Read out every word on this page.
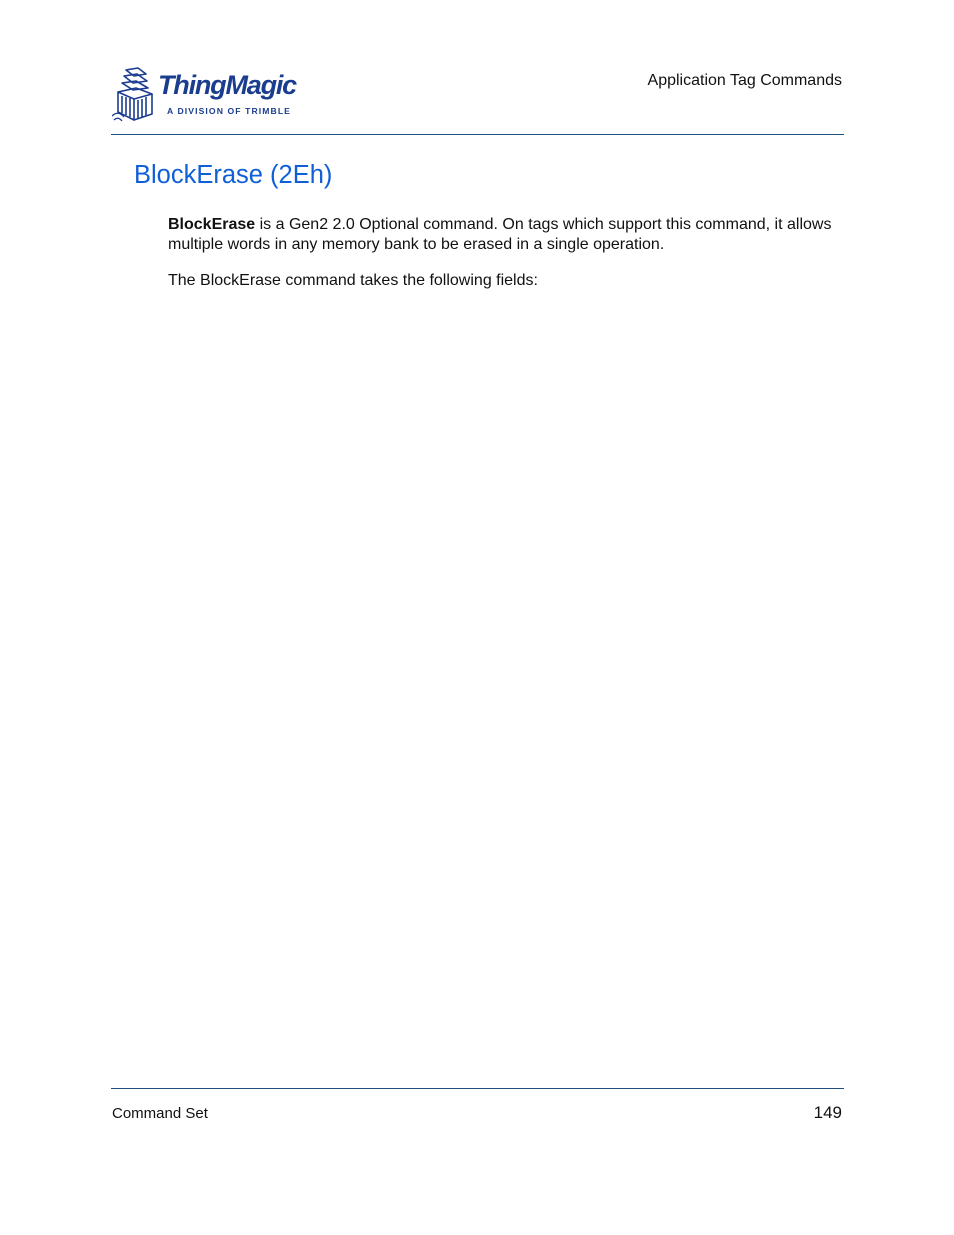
ThingMagic
A DIVISION OF TRIMBLE
Application Tag Commands
BlockErase (2Eh)

BlockErase is a Gen2 2.0 Optional command. On tags which support this command, it allows multiple words in any memory bank to be erased in a single operation.

The BlockErase command takes the following fields:

Command Set	149
